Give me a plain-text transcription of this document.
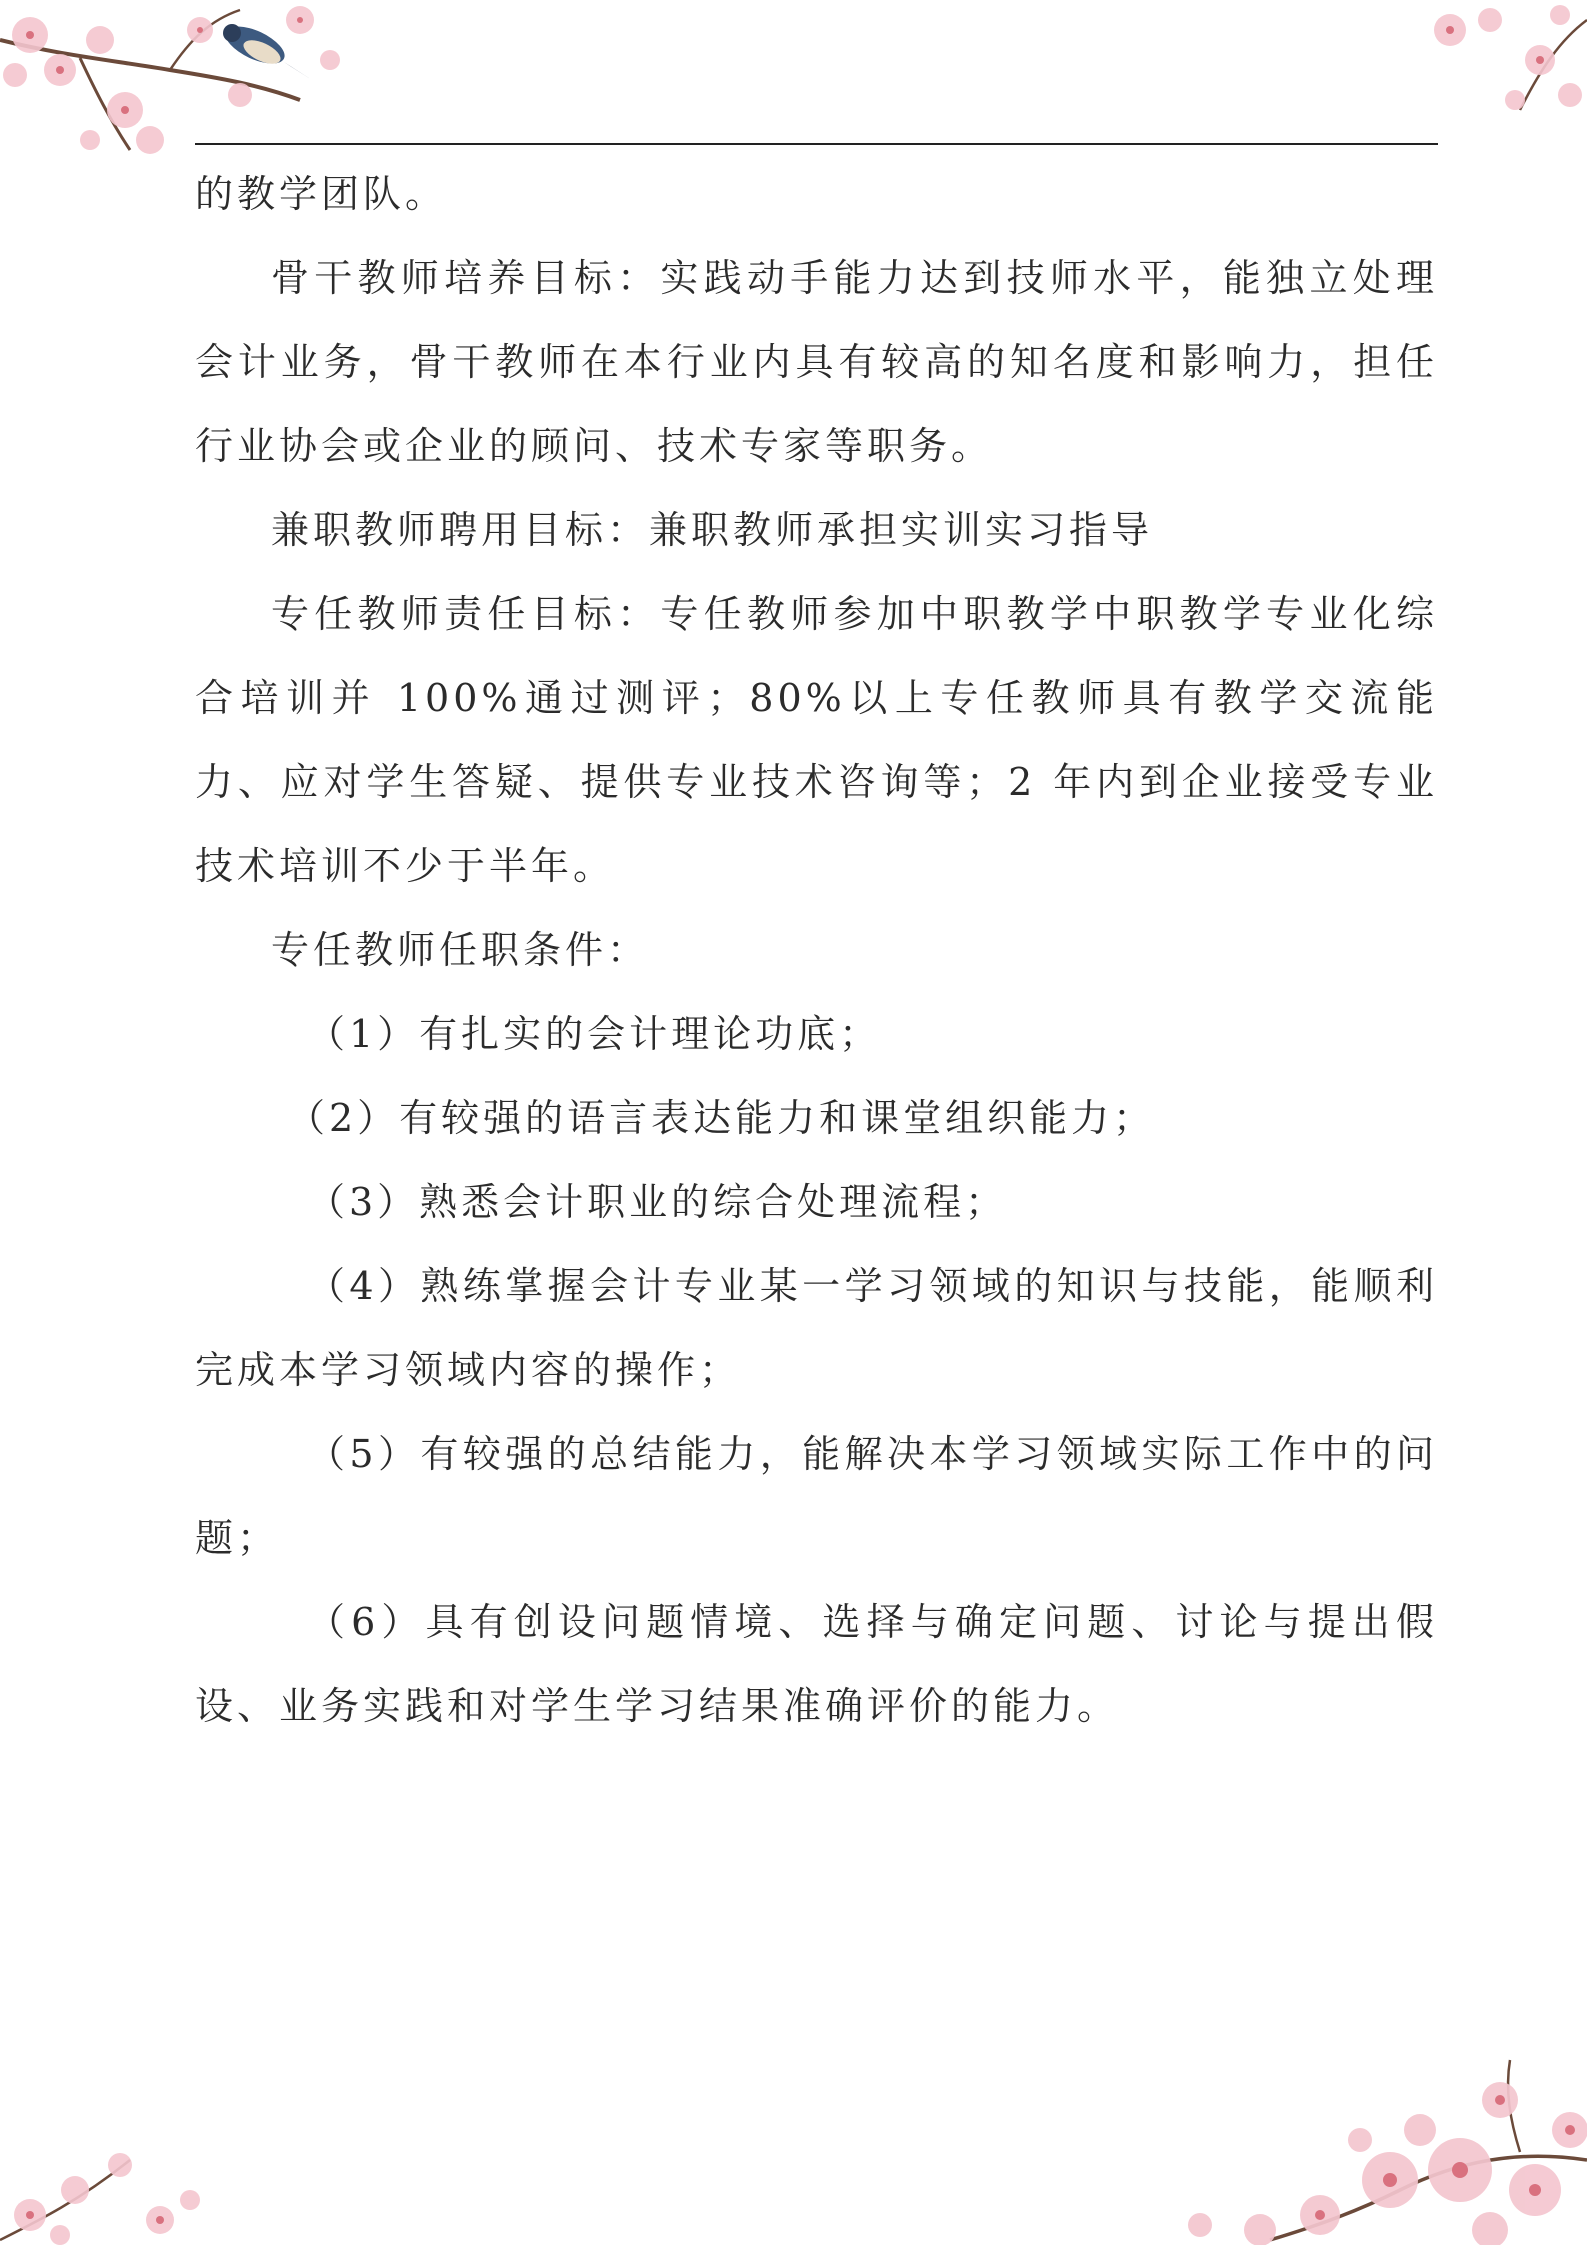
的教学团队。

骨干教师培养目标：实践动手能力达到技师水平，能独立处理会计业务，骨干教师在本行业内具有较高的知名度和影响力，担任行业协会或企业的顾问、技术专家等职务。

兼职教师聘用目标：兼职教师承担实训实习指导

专任教师责任目标：专任教师参加中职教学中职教学专业化综合培训并 100%通过测评；80%以上专任教师具有教学交流能力、应对学生答疑、提供专业技术咨询等；2 年内到企业接受专业技术培训不少于半年。

专任教师任职条件：

（1）有扎实的会计理论功底；

（2）有较强的语言表达能力和课堂组织能力；

（3）熟悉会计职业的综合处理流程；

（4）熟练掌握会计专业某一学习领域的知识与技能，能顺利完成本学习领域内容的操作；

（5）有较强的总结能力，能解决本学习领域实际工作中的问题；

（6）具有创设问题情境、选择与确定问题、讨论与提出假设、业务实践和对学生学习结果准确评价的能力。
